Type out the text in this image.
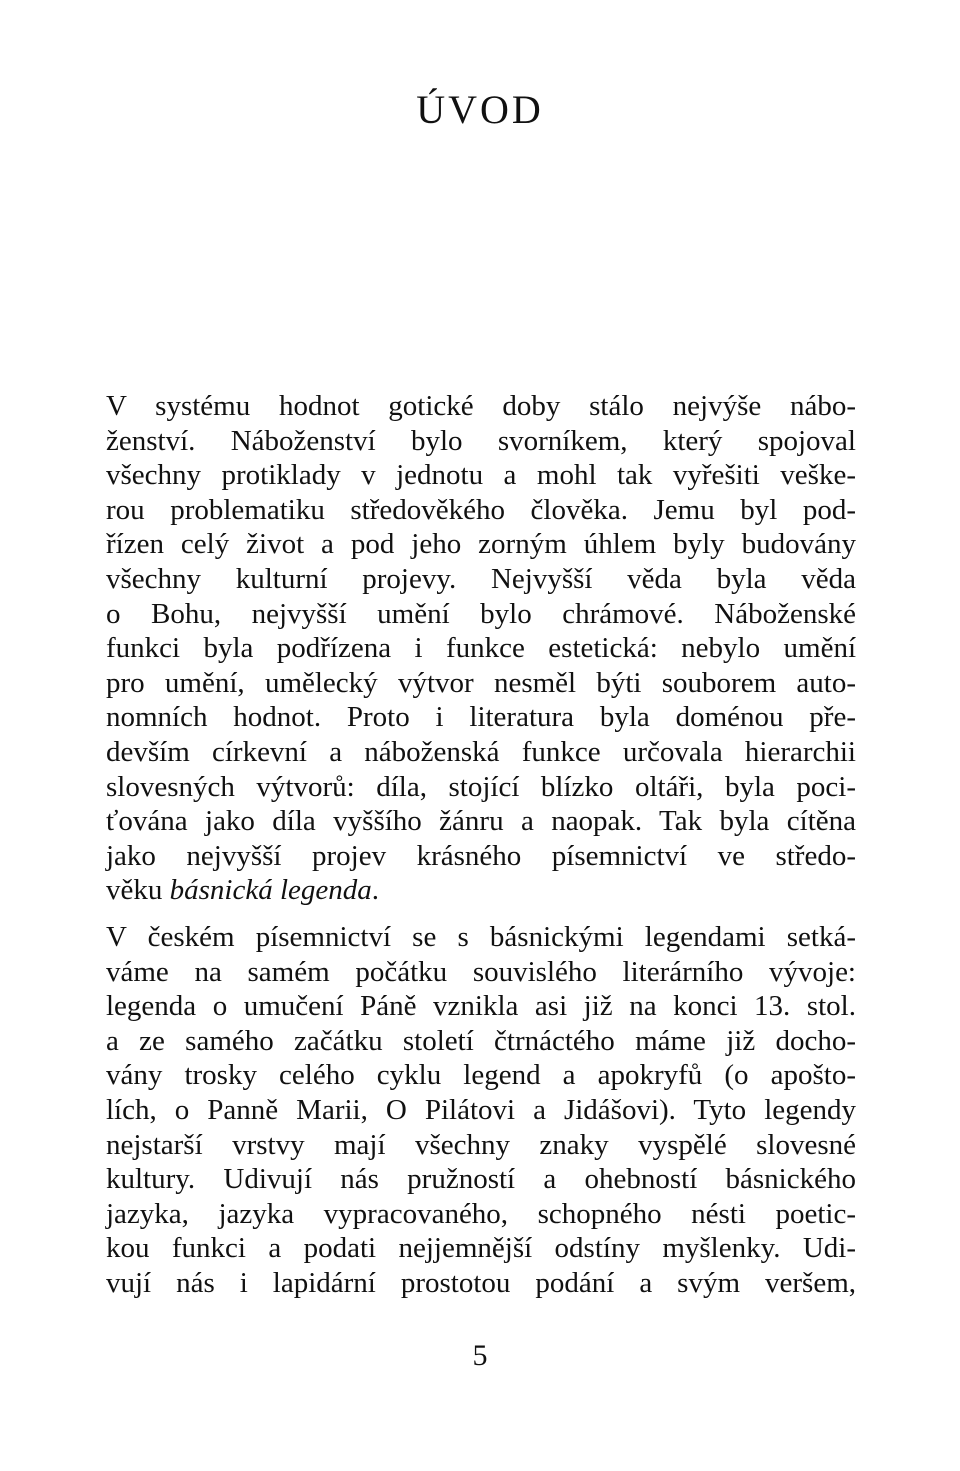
ÚVOD
V systému hodnot gotické doby stálo nejvýše nábo-
ženství. Náboženství bylo svorníkem, který spojoval
všechny protiklady v jednotu a mohl tak vyřešiti veške-
rou problematiku středověkého člověka. Jemu byl pod-
řízen celý život a pod jeho zorným úhlem byly budovány
všechny kulturní projevy. Nejvyšší věda byla věda
o Bohu, nejvyšší umění bylo chrámové. Náboženské
funkci byla podřízena i funkce estetická: nebylo umění
pro umění, umělecký výtvor nesměl býti souborem auto-
nomních hodnot. Proto i literatura byla doménou pře-
devším církevní a náboženská funkce určovala hierarchii
slovesných výtvorů: díla, stojící blízko oltáři, byla poci-
ťována jako díla vyššího žánru a naopak. Tak byla cítěna
jako nejvyšší projev krásného písemnictví ve středo-
věku básnická legenda.
V českém písemnictví se s básnickými legendami setká-
váme na samém počátku souvislého literárního vývoje:
legenda o umučení Páně vznikla asi již na konci 13. stol.
a ze samého začátku století čtrnáctého máme již docho-
vány trosky celého cyklu legend a apokryfů (o apošto-
lích, o Panně Marii, O Pilátovi a Jidášovi). Tyto legendy
nejstarší vrstvy mají všechny znaky vyspělé slovesné
kultury. Udivují nás pružností a ohebností básnického
jazyka, jazyka vypracovaného, schopného nésti poetic-
kou funkci a podati nejjemnější odstíny myšlenky. Udi-
vují nás i lapidární prostotou podání a svým veršem,
5
